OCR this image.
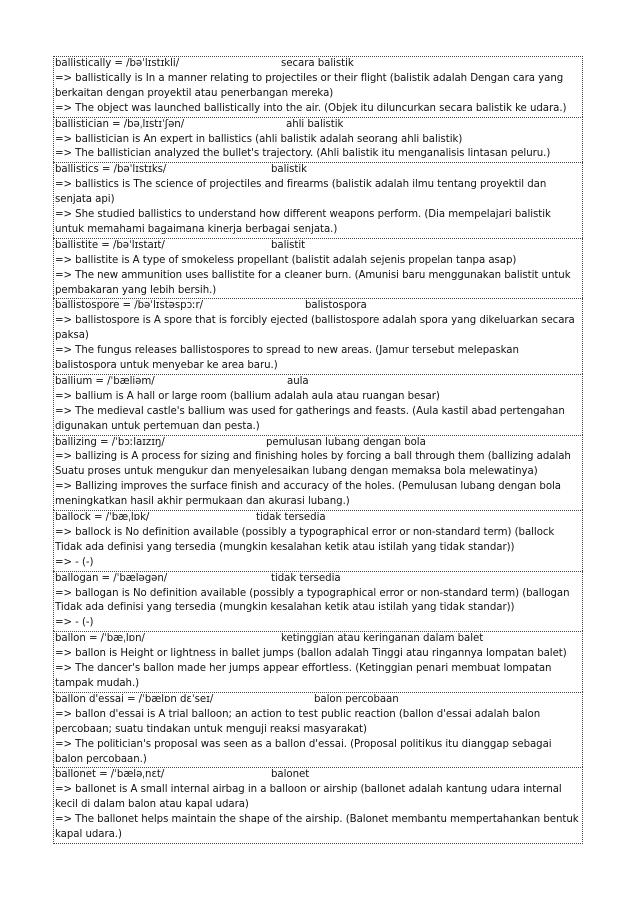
ballistically = /bəˈlɪstɪkli/	secara balistik
=> ballistically is In a manner relating to projectiles or their flight (balistik adalah Dengan cara yang berkaitan dengan proyektil atau penerbangan mereka)
=> The object was launched ballistically into the air. (Objek itu diluncurkan secara balistik ke udara.)
ballistician = /bəˌlɪstɪˈʃən/	ahli balistik
=> ballistician is An expert in ballistics (ahli balistik adalah seorang ahli balistik)
=> The ballistician analyzed the bullet's trajectory. (Ahli balistik itu menganalisis lintasan peluru.)
ballistics = /bəˈlɪstɪks/	balistik
=> ballistics is The science of projectiles and firearms (balistik adalah ilmu tentang proyektil dan senjata api)
=> She studied ballistics to understand how different weapons perform. (Dia mempelajari balistik untuk memahami bagaimana kinerja berbagai senjata.)
ballistite = /bəˈlɪstaɪt/	balistit
=> ballistite is A type of smokeless propellant (balistit adalah sejenis propelan tanpa asap)
=> The new ammunition uses ballistite for a cleaner burn. (Amunisi baru menggunakan balistit untuk pembakaran yang lebih bersih.)
ballistospore = /bəˈlɪstəspɔːr/	balistospora
=> ballistospore is A spore that is forcibly ejected (ballistospore adalah spora yang dikeluarkan secara paksa)
=> The fungus releases ballistospores to spread to new areas. (Jamur tersebut melepaskan balistospora untuk menyebar ke area baru.)
ballium = /ˈbæliəm/	aula
=> ballium is A hall or large room (ballium adalah aula atau ruangan besar)
=> The medieval castle's ballium was used for gatherings and feasts. (Aula kastil abad pertengahan digunakan untuk pertemuan dan pesta.)
ballizing = /ˈbɔːlaɪzɪŋ/	pemulusan lubang dengan bola
=> ballizing is A process for sizing and finishing holes by forcing a ball through them (ballizing adalah Suatu proses untuk mengukur dan menyelesaikan lubang dengan memaksa bola melewatinya)
=> Ballizing improves the surface finish and accuracy of the holes. (Pemulusan lubang dengan bola meningkatkan hasil akhir permukaan dan akurasi lubang.)
ballock = /ˈbæˌlɒk/	tidak tersedia
=> ballock is No definition available (possibly a typographical error or non-standard term) (ballock Tidak ada definisi yang tersedia (mungkin kesalahan ketik atau istilah yang tidak standar))
=> - (-)
ballogan = /ˈbæləgən/	tidak tersedia
=> ballogan is No definition available (possibly a typographical error or non-standard term) (ballogan Tidak ada definisi yang tersedia (mungkin kesalahan ketik atau istilah yang tidak standar))
=> - (-)
ballon = /ˈbæˌlɒn/	ketinggian atau keringanan dalam balet
=> ballon is Height or lightness in ballet jumps (ballon adalah Tinggi atau ringannya lompatan balet)
=> The dancer's ballon made her jumps appear effortless. (Ketinggian penari membuat lompatan tampak mudah.)
ballon d'essai = /ˈbælɒn dɛˈseɪ/	balon percobaan
=> ballon d'essai is A trial balloon; an action to test public reaction (ballon d'essai adalah balon percobaan; suatu tindakan untuk menguji reaksi masyarakat)
=> The politician's proposal was seen as a ballon d'essai. (Proposal politikus itu dianggap sebagai balon percobaan.)
ballonet = /ˈbæləˌnɛt/	balonet
=> ballonet is A small internal airbag in a balloon or airship (ballonet adalah kantung udara internal kecil di dalam balon atau kapal udara)
=> The ballonet helps maintain the shape of the airship. (Balonet membantu mempertahankan bentuk kapal udara.)
